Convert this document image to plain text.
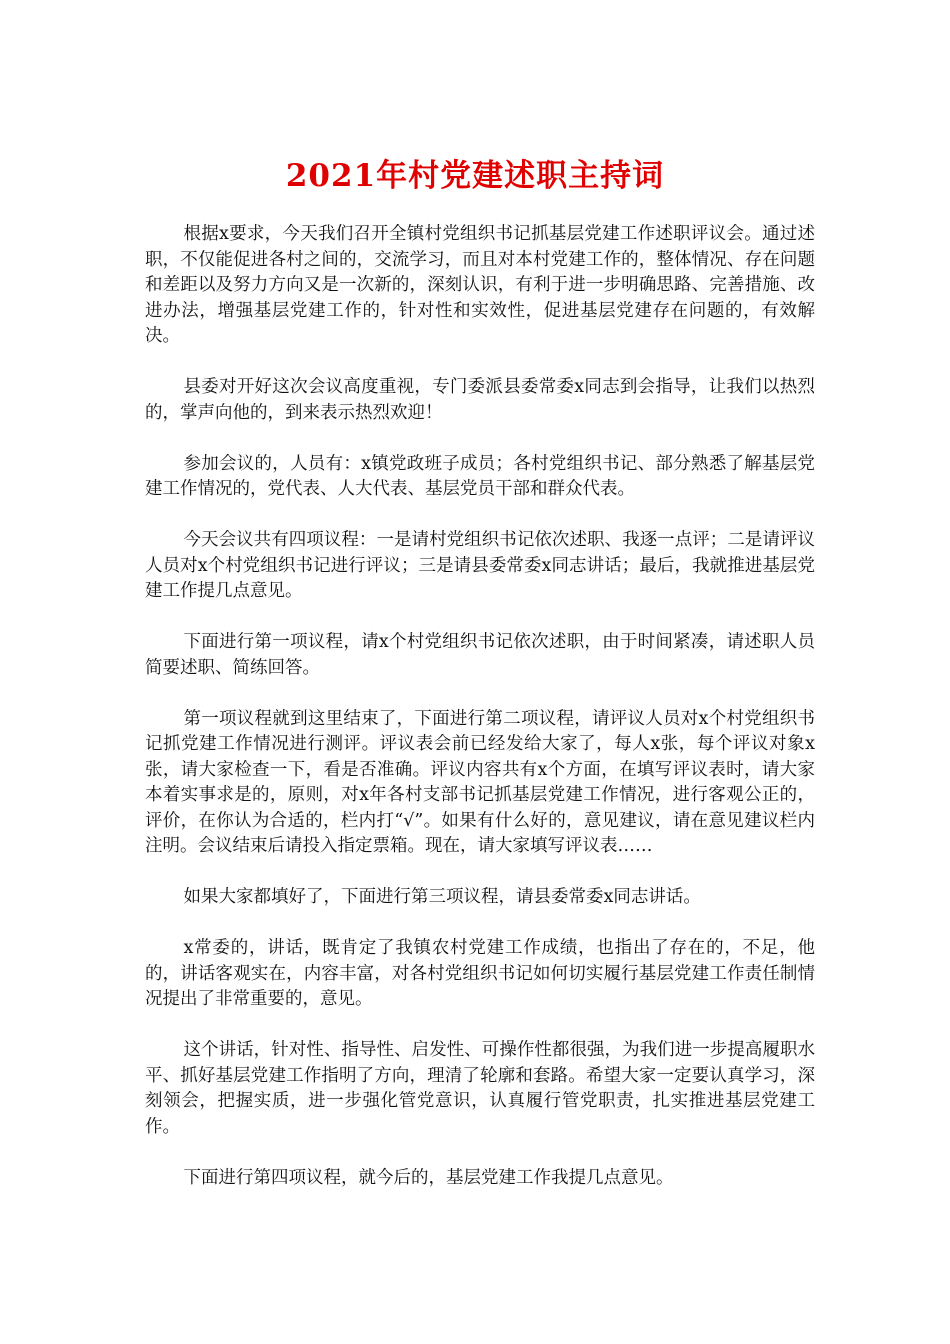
2021年村党建述职主持词

根据x要求，今天我们召开全镇村党组织书记抓基层党建工作述职评议会。通过述职，不仅能促进各村之间的，交流学习，而且对本村党建工作的，整体情况、存在问题和差距以及努力方向又是一次新的，深刻认识，有利于进一步明确思路、完善措施、改进办法，增强基层党建工作的，针对性和实效性，促进基层党建存在问题的，有效解决。

县委对开好这次会议高度重视，专门委派县委常委x同志到会指导，让我们以热烈的，掌声向他的，到来表示热烈欢迎！

参加会议的，人员有：x镇党政班子成员；各村党组织书记、部分熟悉了解基层党建工作情况的，党代表、人大代表、基层党员干部和群众代表。

今天会议共有四项议程：一是请村党组织书记依次述职、我逐一点评；二是请评议人员对x个村党组织书记进行评议；三是请县委常委x同志讲话；最后，我就推进基层党建工作提几点意见。

下面进行第一项议程，请x个村党组织书记依次述职，由于时间紧凑，请述职人员简要述职、简练回答。

第一项议程就到这里结束了，下面进行第二项议程，请评议人员对x个村党组织书记抓党建工作情况进行测评。评议表会前已经发给大家了，每人x张，每个评议对象x张，请大家检查一下，看是否准确。评议内容共有x个方面，在填写评议表时，请大家本着实事求是的，原则，对x年各村支部书记抓基层党建工作情况，进行客观公正的，评价，在你认为合适的，栏内打“√”。如果有什么好的，意见建议，请在意见建议栏内注明。会议结束后请投入指定票箱。现在，请大家填写评议表……

如果大家都填好了，下面进行第三项议程，请县委常委x同志讲话。

x常委的，讲话，既肯定了我镇农村党建工作成绩，也指出了存在的，不足，他的，讲话客观实在，内容丰富，对各村党组织书记如何切实履行基层党建工作责任制情况提出了非常重要的，意见。

这个讲话，针对性、指导性、启发性、可操作性都很强，为我们进一步提高履职水平、抓好基层党建工作指明了方向，理清了轮廓和套路。希望大家一定要认真学习，深刻领会，把握实质，进一步强化管党意识，认真履行管党职责，扎实推进基层党建工作。

下面进行第四项议程，就今后的，基层党建工作我提几点意见。
